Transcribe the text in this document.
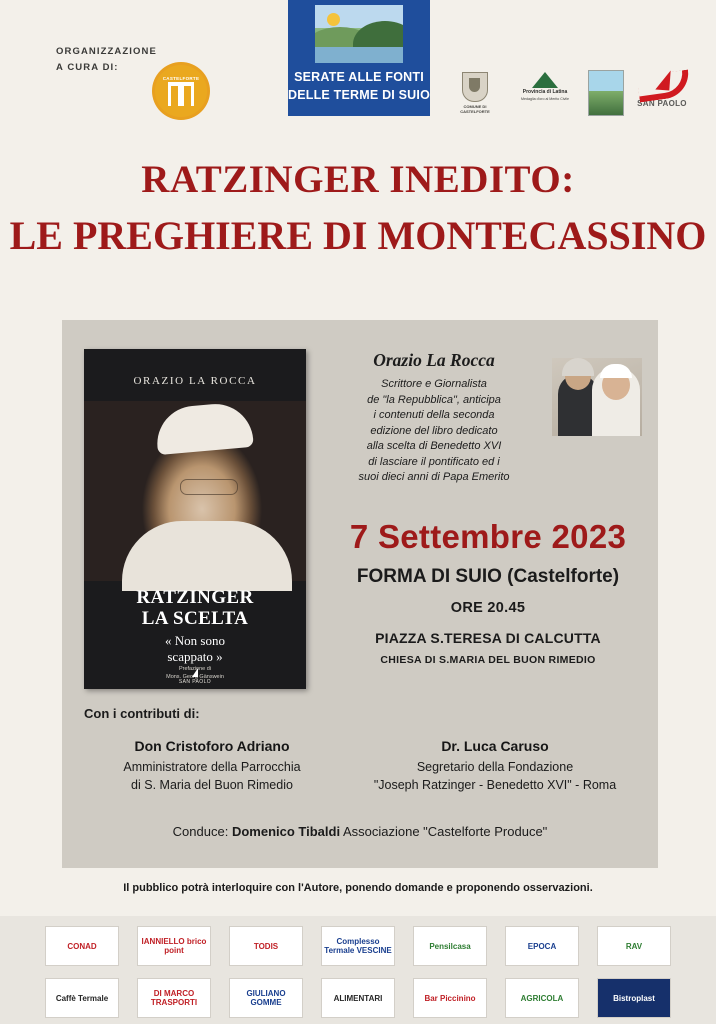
ORGANIZZAZIONE
A CURA DI:
CASTELFORTE	SERATE ALLE FONTI
DELLE TERME DI SUIO
COMUNE DI CASTELFORTE
Provincia di Latina
Medaglia d'oro al Merito Civile	SAN PAOLO
RATZINGER INEDITO:
LE PREGHIERE DI MONTECASSINO
ORAZIO LA ROCCA
RATZINGER
LA SCELTA
« Non sono
scappato »
Prefazione di
Mons. Georg Gänswein
SAN PAOLO
Orazio La Rocca
Scrittore e Giornalista
de "la Repubblica", anticipa
i contenuti della seconda
edizione del libro dedicato
alla scelta di Benedetto XVI
di lasciare il pontificato ed i
suoi dieci anni di Papa Emerito
7 Settembre 2023
FORMA DI SUIO (Castelforte)
ORE 20.45
PIAZZA S.TERESA DI CALCUTTA
CHIESA DI S.MARIA DEL BUON RIMEDIO
Con i contributi di:
Don Cristoforo Adriano
Amministratore della Parrocchia
di S. Maria del Buon Rimedio
Dr. Luca Caruso
Segretario della Fondazione
"Joseph Ratzinger - Benedetto XVI" - Roma
Conduce: Domenico Tibaldi Associazione "Castelforte Produce"
Il pubblico potrà interloquire con l'Autore, ponendo domande e proponendo osservazioni.
CONAD	IANNIELLO brico point	TODIS	Complesso Termale VESCINE	Pensilcasa	EPOCA	RAV
Caffè Termale	DI MARCO TRASPORTI
GIULIANO GOMME	ALIMENTARI	Bar Piccinino	AGRICOLA	Bistroplast
